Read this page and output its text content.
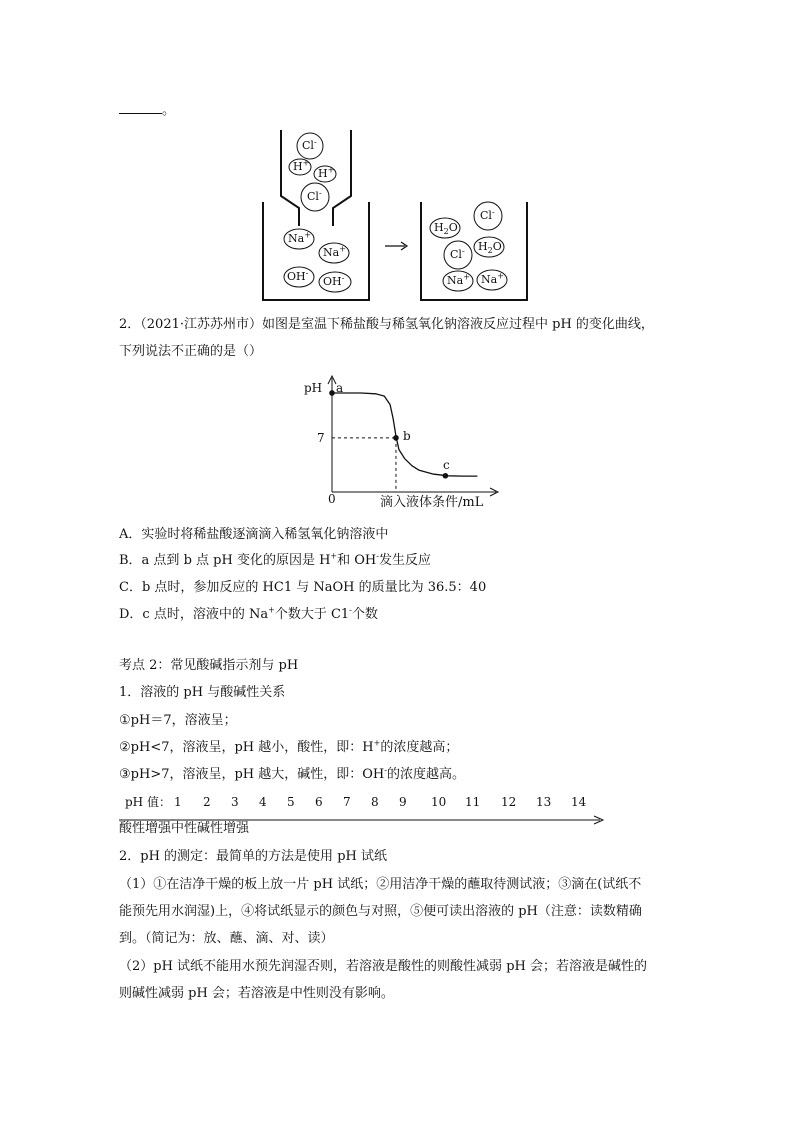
。
Cl-
H+
H+
Cl-
Na+
Na+
OH-
OH-
Cl-
$H_2O$
$H_2O$
Cl-
Na+ Na+
2．（2021·江苏苏州市）如图是室温下稀盐酸与稀氢氧化钠溶液反应过程中 pH 的变化曲线，
下列说法不正确的是（）
pH a
7	b
c
0	滴入液体条件/mL
A．实验时将稀盐酸逐滴滴入稀氢氧化钠溶液中
B．a 点到 b 点 pH 变化的原因是 H+和 OH-发生反应
C．b 点时，参加反应的 HC1 与 NaOH 的质量比为 36.5：40
D．c 点时，溶液中的 Na+个数大于 C1-个数
考点 2：常见酸碱指示剂与 pH
1．溶液的 pH 与酸碱性关系
①pH＝7，溶液呈；
②pH<7，溶液呈，pH 越小，酸性，即：H+的浓度越高；
③pH>7，溶液呈，pH 越大，碱性，即：OH-的浓度越高。
pH 值： 1 2 3 4 5 6 7 8 9 10 11 12 13 14
酸性增强中性碱性增强
2．pH 的测定：最简单的方法是使用 pH 试纸
（1）①在洁净干燥的板上放一片 pH 试纸；②用洁净干燥的蘸取待测试液；③滴在(试纸不
能预先用水润湿)上，④将试纸显示的颜色与对照，⑤便可读出溶液的 pH（注意：读数精确
到。（简记为：放、蘸、滴、对、读）
（2）pH 试纸不能用水预先润湿否则，若溶液是酸性的则酸性减弱 pH 会；若溶液是碱性的
则碱性减弱 pH 会；若溶液是中性则没有影响。
